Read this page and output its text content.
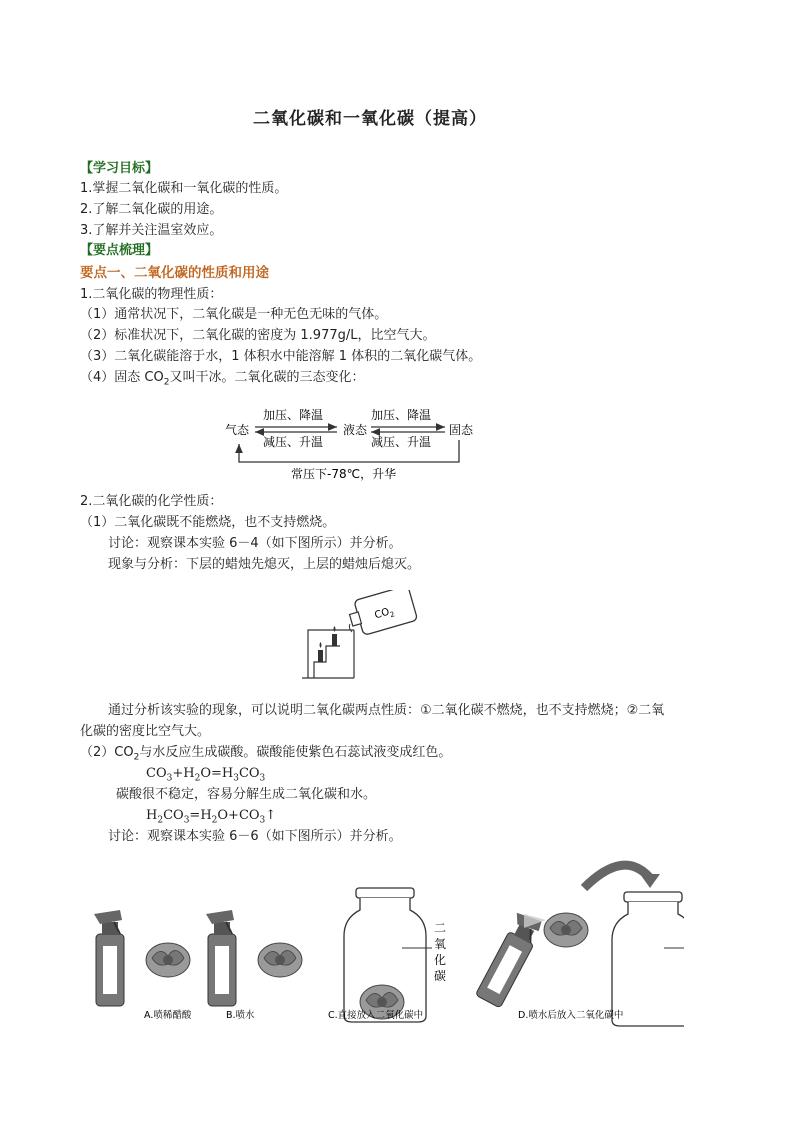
二氧化碳和一氧化碳（提高）
【学习目标】
1.掌握二氧化碳和一氧化碳的性质。
2.了解二氧化碳的用途。
3.了解并关注温室效应。
【要点梳理】
要点一、二氧化碳的性质和用途
1.二氧化碳的物理性质：
（1）通常状况下，二氧化碳是一种无色无味的气体。
（2）标准状况下，二氧化碳的密度为 1.977g/L，比空气大。
（3）二氧化碳能溶于水，1 体积水中能溶解 1 体积的二氧化碳气体。
（4）固态 $CO_2$又叫干冰。二氧化碳的三态变化：
气态	液态	固态
加压、降温	加压、降温
减压、升温	减压、升温
常压下-78℃，升华
2.二氧化碳的化学性质：
（1）二氧化碳既不能燃烧，也不支持燃烧。
讨论：观察课本实验 6－4（如下图所示）并分析。
现象与分析：下层的蜡烛先熄灭，上层的蜡烛后熄灭。
$CO_2$
通过分析该实验的现象，可以说明二氧化碳两点性质：①二氧化碳不燃烧，也不支持燃烧；②二氧
化碳的密度比空气大。
$(2)CO_2$与水反应生成碳酸。碳酸能使紫色石蕊试液变成红色。
$CO_3+H_2O=H_3CO_3$
碳酸很不稳定，容易分解生成二氧化碳和水。
$H_2CO_3=H_2O+CO_3↑$
讨论：观察课本实验 6－6（如下图所示）并分析。
二 氧 化 碳
A.喷稀醋酸	B.喷水	C.直接放入二氧化碳中	D.喷水后放入二氧化碳中
